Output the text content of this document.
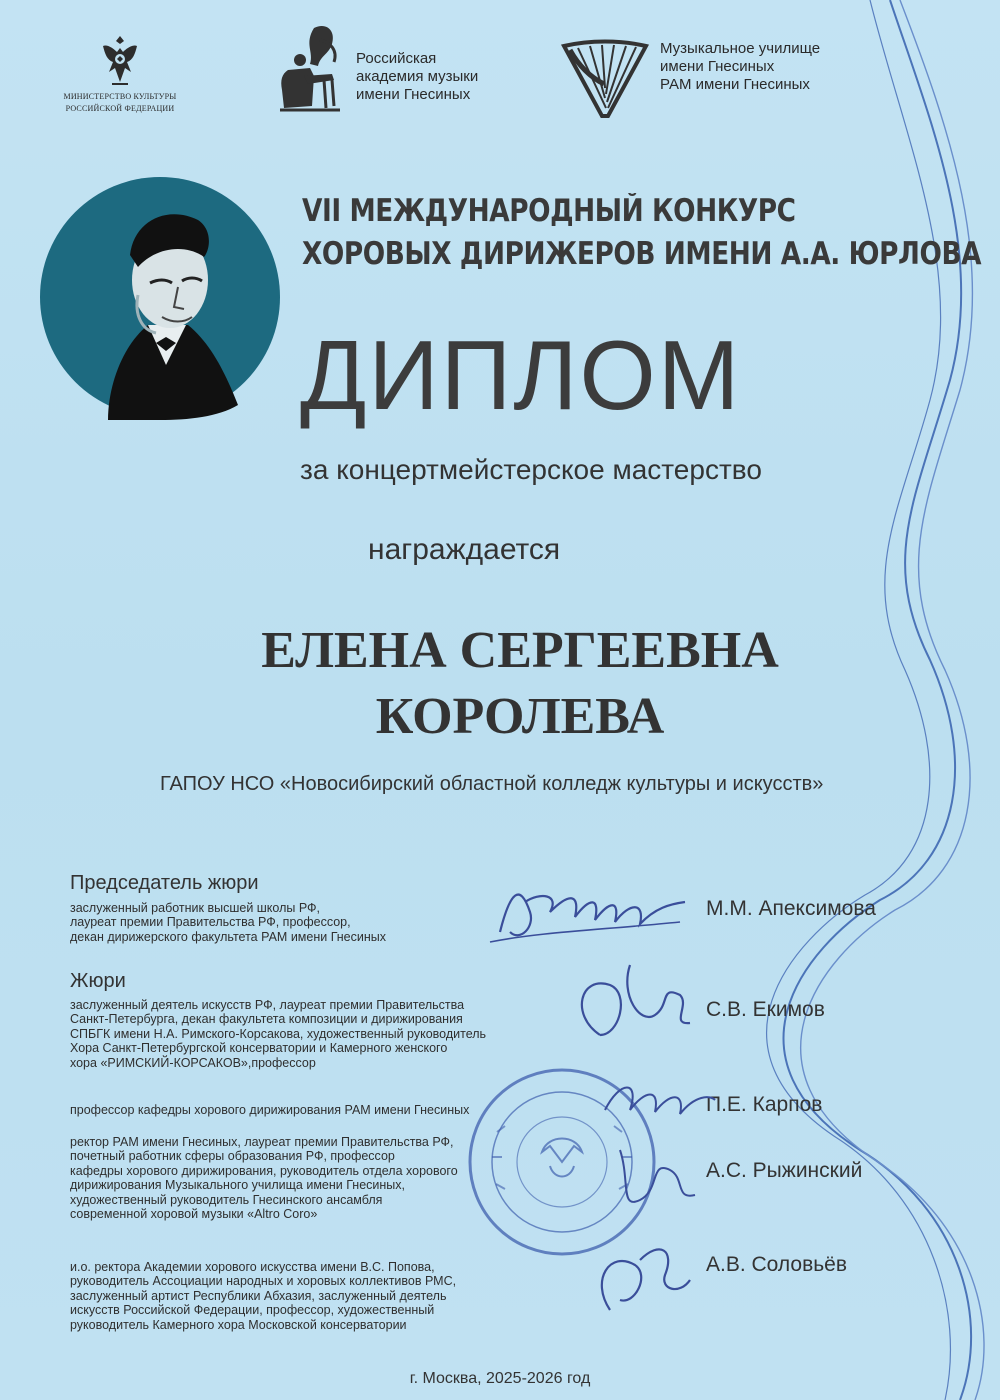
МИНИСТЕРСТВО КУЛЬТУРЫ
РОССИЙСКОЙ ФЕДЕРАЦИИ
Российская
академия музыки
имени Гнесиных
Музыкальное училище
имени Гнесиных
РАМ имени Гнесиных
VII МЕЖДУНАРОДНЫЙ КОНКУРС
ХОРОВЫХ ДИРИЖЕРОВ ИМЕНИ А.А. ЮРЛОВА
ДИПЛОМ
за концертмейстерское мастерство
награждается
ЕЛЕНА СЕРГЕЕВНА
КОРОЛЕВА
ГАПОУ НСО «Новосибирский областной колледж культуры и искусств»
Председатель жюри
заслуженный работник высшей школы РФ,
лауреат премии Правительства РФ, профессор,
декан дирижерского факультета РАМ имени Гнесиных
М.М. Апексимова
Жюри
заслуженный деятель искусств РФ, лауреат премии Правительства
Санкт-Петербурга, декан факультета композиции и дирижирования
СПБГК имени Н.А. Римского-Корсакова, художественный руководитель
Хора Санкт-Петербургской консерватории и Камерного женского
хора «РИМСКИЙ-КОРСАКОВ»,профессор
С.В. Екимов
профессор кафедры хорового дирижирования РАМ имени Гнесиных	П.Е. Карпов
ректор РАМ имени Гнесиных, лауреат премии Правительства РФ,
почетный работник сферы образования РФ, профессор
кафедры хорового дирижирования, руководитель отдела хорового
дирижирования Музыкального училища имени Гнесиных,
художественный руководитель Гнесинского ансамбля
современной хоровой музыки «Altro Coro»
А.С. Рыжинский
и.о. ректора Академии хорового искусства имени В.С. Попова,
руководитель Ассоциации народных и хоровых коллективов РМС,
заслуженный артист Республики Абхазия, заслуженный деятель
искусств Российской Федерации, профессор, художественный
руководитель Камерного хора Московской консерватории
А.В. Соловьёв
г. Москва, 2025-2026 год
